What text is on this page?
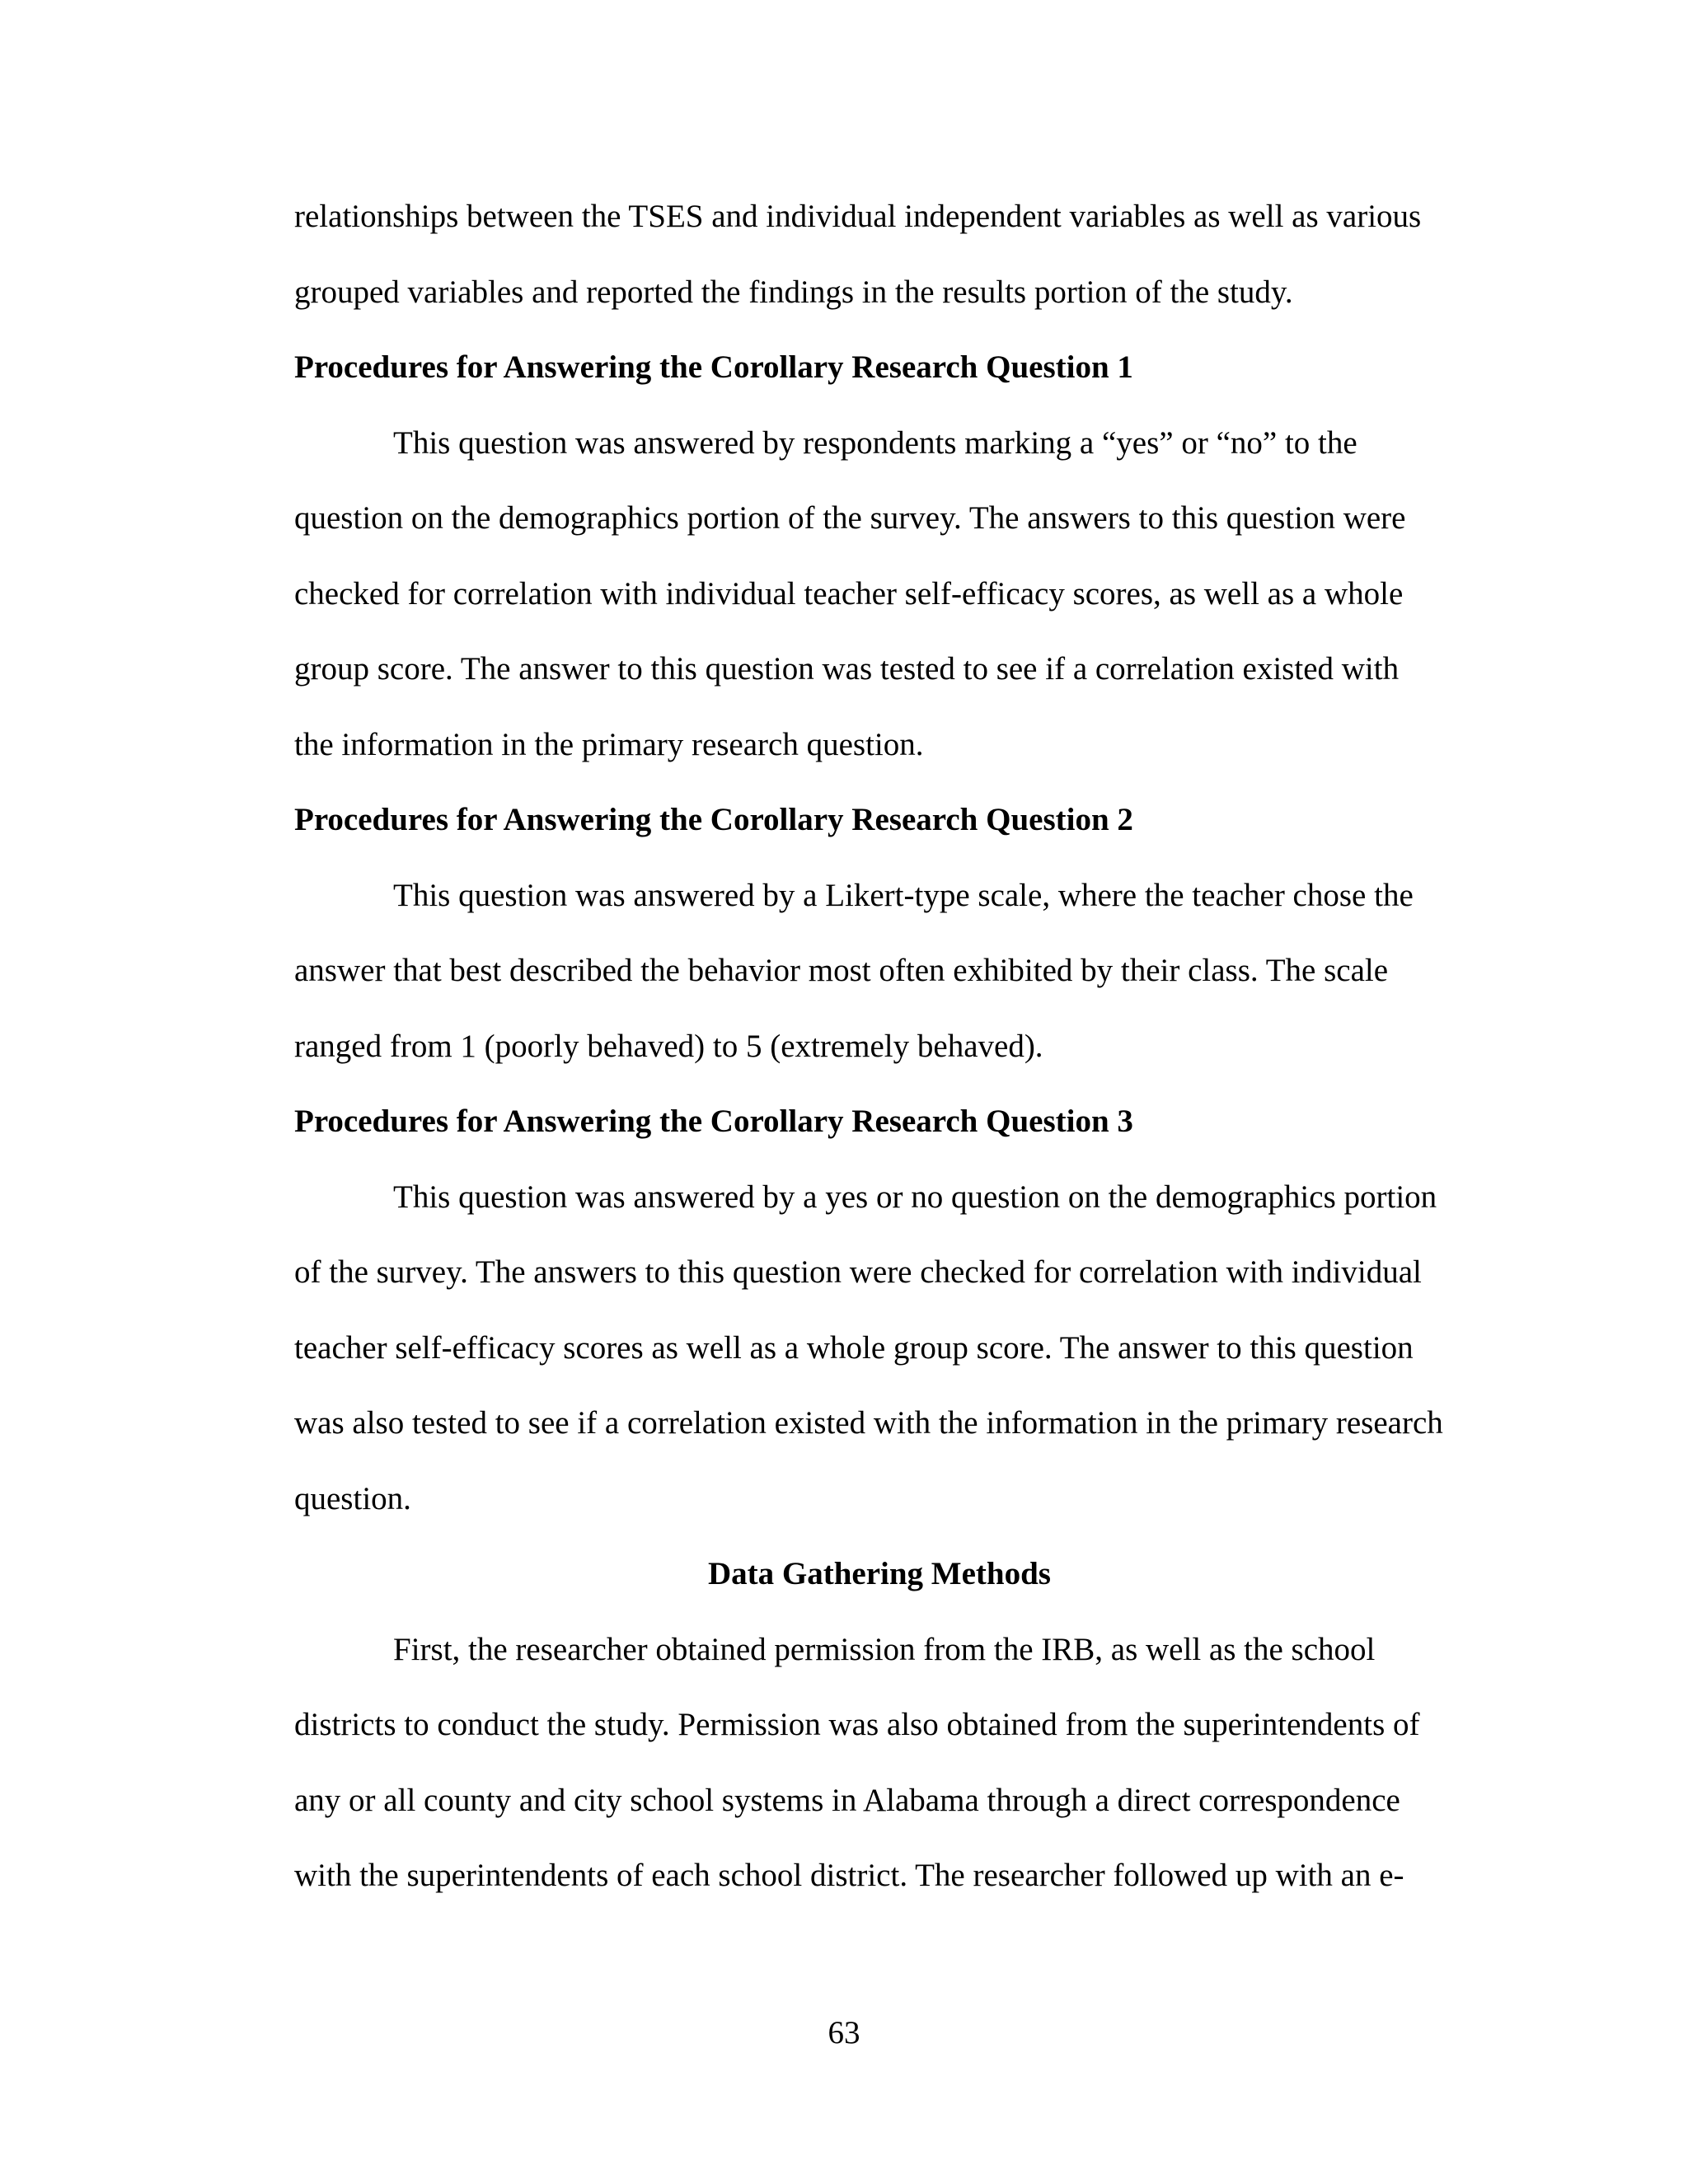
relationships between the TSES and individual independent variables as well as various
grouped variables and reported the findings in the results portion of the study.
Procedures for Answering the Corollary Research Question 1
This question was answered by respondents marking a “yes” or “no” to the
question on the demographics portion of the survey. The answers to this question were
checked for correlation with individual teacher self-efficacy scores, as well as a whole
group score. The answer to this question was tested to see if a correlation existed with
the information in the primary research question.
Procedures for Answering the Corollary Research Question 2
This question was answered by a Likert-type scale, where the teacher chose the
answer that best described the behavior most often exhibited by their class. The scale
ranged from 1 (poorly behaved) to 5 (extremely behaved).
Procedures for Answering the Corollary Research Question 3
This question was answered by a yes or no question on the demographics portion
of the survey. The answers to this question were checked for correlation with individual
teacher self-efficacy scores as well as a whole group score. The answer to this question
was also tested to see if a correlation existed with the information in the primary research
question.
Data Gathering Methods
First, the researcher obtained permission from the IRB, as well as the school
districts to conduct the study. Permission was also obtained from the superintendents of
any or all county and city school systems in Alabama through a direct correspondence
with the superintendents of each school district. The researcher followed up with an e-
63
